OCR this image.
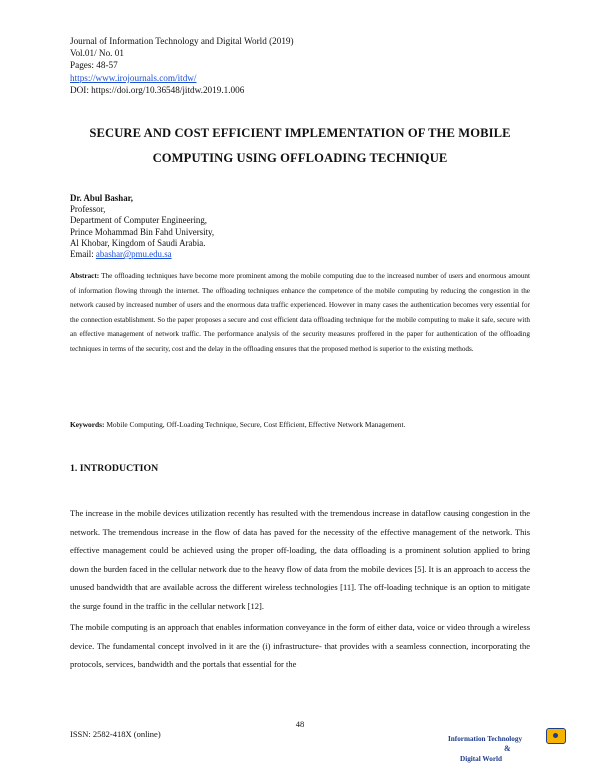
Journal of Information Technology and Digital World (2019)
Vol.01/ No. 01
Pages: 48-57
https://www.irojournals.com/itdw/
DOI: https://doi.org/10.36548/jitdw.2019.1.006
SECURE AND COST EFFICIENT IMPLEMENTATION OF THE MOBILE
COMPUTING USING OFFLOADING TECHNIQUE
Dr. Abul Bashar,
Professor,
Department of Computer Engineering,
Prince Mohammad Bin Fahd University,
Al Khobar, Kingdom of Saudi Arabia.
Email: abashar@pmu.edu.sa
Abstract: The offloading techniques have become more prominent among the mobile computing due to the increased number of users and enormous amount of information flowing through the internet. The offloading techniques enhance the competence of the mobile computing by reducing the congestion in the network caused by increased number of users and the enormous data traffic experienced. However in many cases the authentication becomes very essential for the connection establishment. So the paper proposes a secure and cost efficient data offloading technique for the mobile computing to make it safe, secure with an effective management of network traffic. The performance analysis of the security measures proffered in the paper for authentication of the offloading techniques in terms of the security, cost and the delay in the offloading ensures that the proposed method is superior to the existing methods.
Keywords: Mobile Computing, Off-Loading Technique, Secure, Cost Efficient, Effective Network Management.
1. INTRODUCTION
The increase in the mobile devices utilization recently has resulted with the tremendous increase in dataflow causing congestion in the network. The tremendous increase in the flow of data has paved for the necessity of the effective management of the network. This effective management could be achieved using the proper off-loading, the data offloading is a prominent solution applied to bring down the burden faced in the cellular network due to the heavy flow of data from the mobile devices [5]. It is an approach to access the unused bandwidth that are available across the different wireless technologies [11]. The off-loading technique is an option to mitigate the surge found in the traffic in the cellular network [12].
The mobile computing is an approach that enables information conveyance in the form of either data, voice or video through a wireless device. The fundamental concept involved in it are the (i) infrastructure- that provides with a seamless connection, incorporating the protocols, services, bandwidth and the portals that essential for the
48
ISSN: 2582-418X (online)	Information Technology
&
Digital World
